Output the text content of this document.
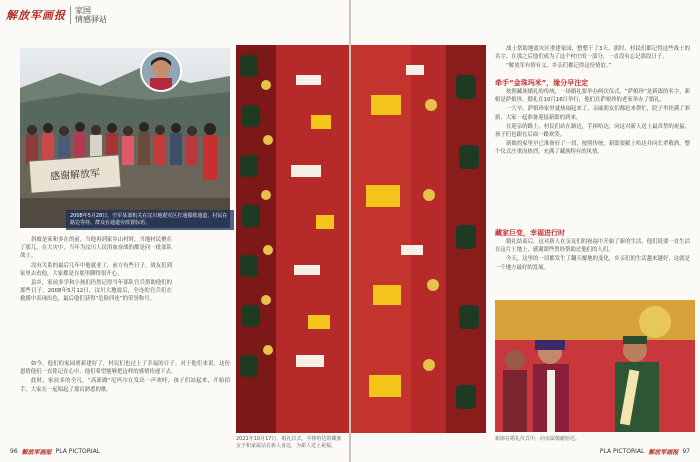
解放军画报	家国
情感驿站
感谢解放军
2008年5月28日，空军某部机关在汶川地震灾区打通援救通道，村民在路边等待、群众在通道旁放置标语。

斜坡是家和多在的前，当他再到家乡山村时，当地村民聚在了那儿。在大灾中，当年为汶川人民浴血奋战的都是同一批部队战士。

没有关系的最后几年中他就业了，前方有些日子，战友们到家里去看他，大家都是在那里聊得很开心。

县乡，家前多学和小孩们仍然记得当年部队官兵帮助他们的那些日子。2008年5月12日，汶川大地震后，全连的官兵们在救援中表现出色，最后他们获得“危险四连”的荣誉称号。

如今，他们的家园重新建好了，村民们也过上了幸福的日子。对于他们来说，这份恩情他们一直铭记在心中，他们希望能够把这样的感情传递下去。

此时，家前多的全凡，“高新路”尼玛尔在发出一声欢呼，孩子们站起来，开始拍手，大家在一起唱起了那首熟悉的歌。

2021年10月17日，婚礼仪式，手捧哈达的藏族女子和家属站在新人身边，为新人送上祝福。
96 解放军画报 PLA PICTORIAL

战士帮助地震灾区重建家园，整整干了3天。那时，村民们都记得这些战士的名字，在那之后他们成为了这个村庄的一部分，一直没有忘记那段日子。

“解放军有情有义，乡亲们都记得这份情谊。”

牵手“金珠玛米”，缘分早注定

按照藏族婚礼的传统，一场婚礼要举办两次仪式。“萨娘珍”是新郎的名字，新娘是萨娘珍，婚礼在10月16日举行，他们在萨娘珍的老家举办了婚礼。

一大早，萨娘珍家里就热闹起来了，亲戚朋友们都赶来帮忙，院子里挂满了彩旗，大家一起准备迎接新郎的到来。

在迎亲的路上，村民们站在路边，手捧哈达，向这对新人送上最真挚的祝福，孩子们也跟在后面一路欢笑。

新娘的家里早已准备好了一切，按照传统，新郎要献上哈达并向长辈敬酒，整个仪式庄重而热烈，充满了藏族特有的风情。

藏家巨变，幸福进行时

婚礼结束后，这对新人在亲友们的祝福中开始了新的生活，他们说要一直生活在这片土地上，感谢那些曾经帮助过他们的人们。

今天，这里的一切都发生了翻天覆地的变化，乡亲们的生活越来越好，这就是一个地方最好的发展。

新郎在婚礼仪式中，向亲属敬献哈达。
PLA PICTORIAL 解放军画报 97
